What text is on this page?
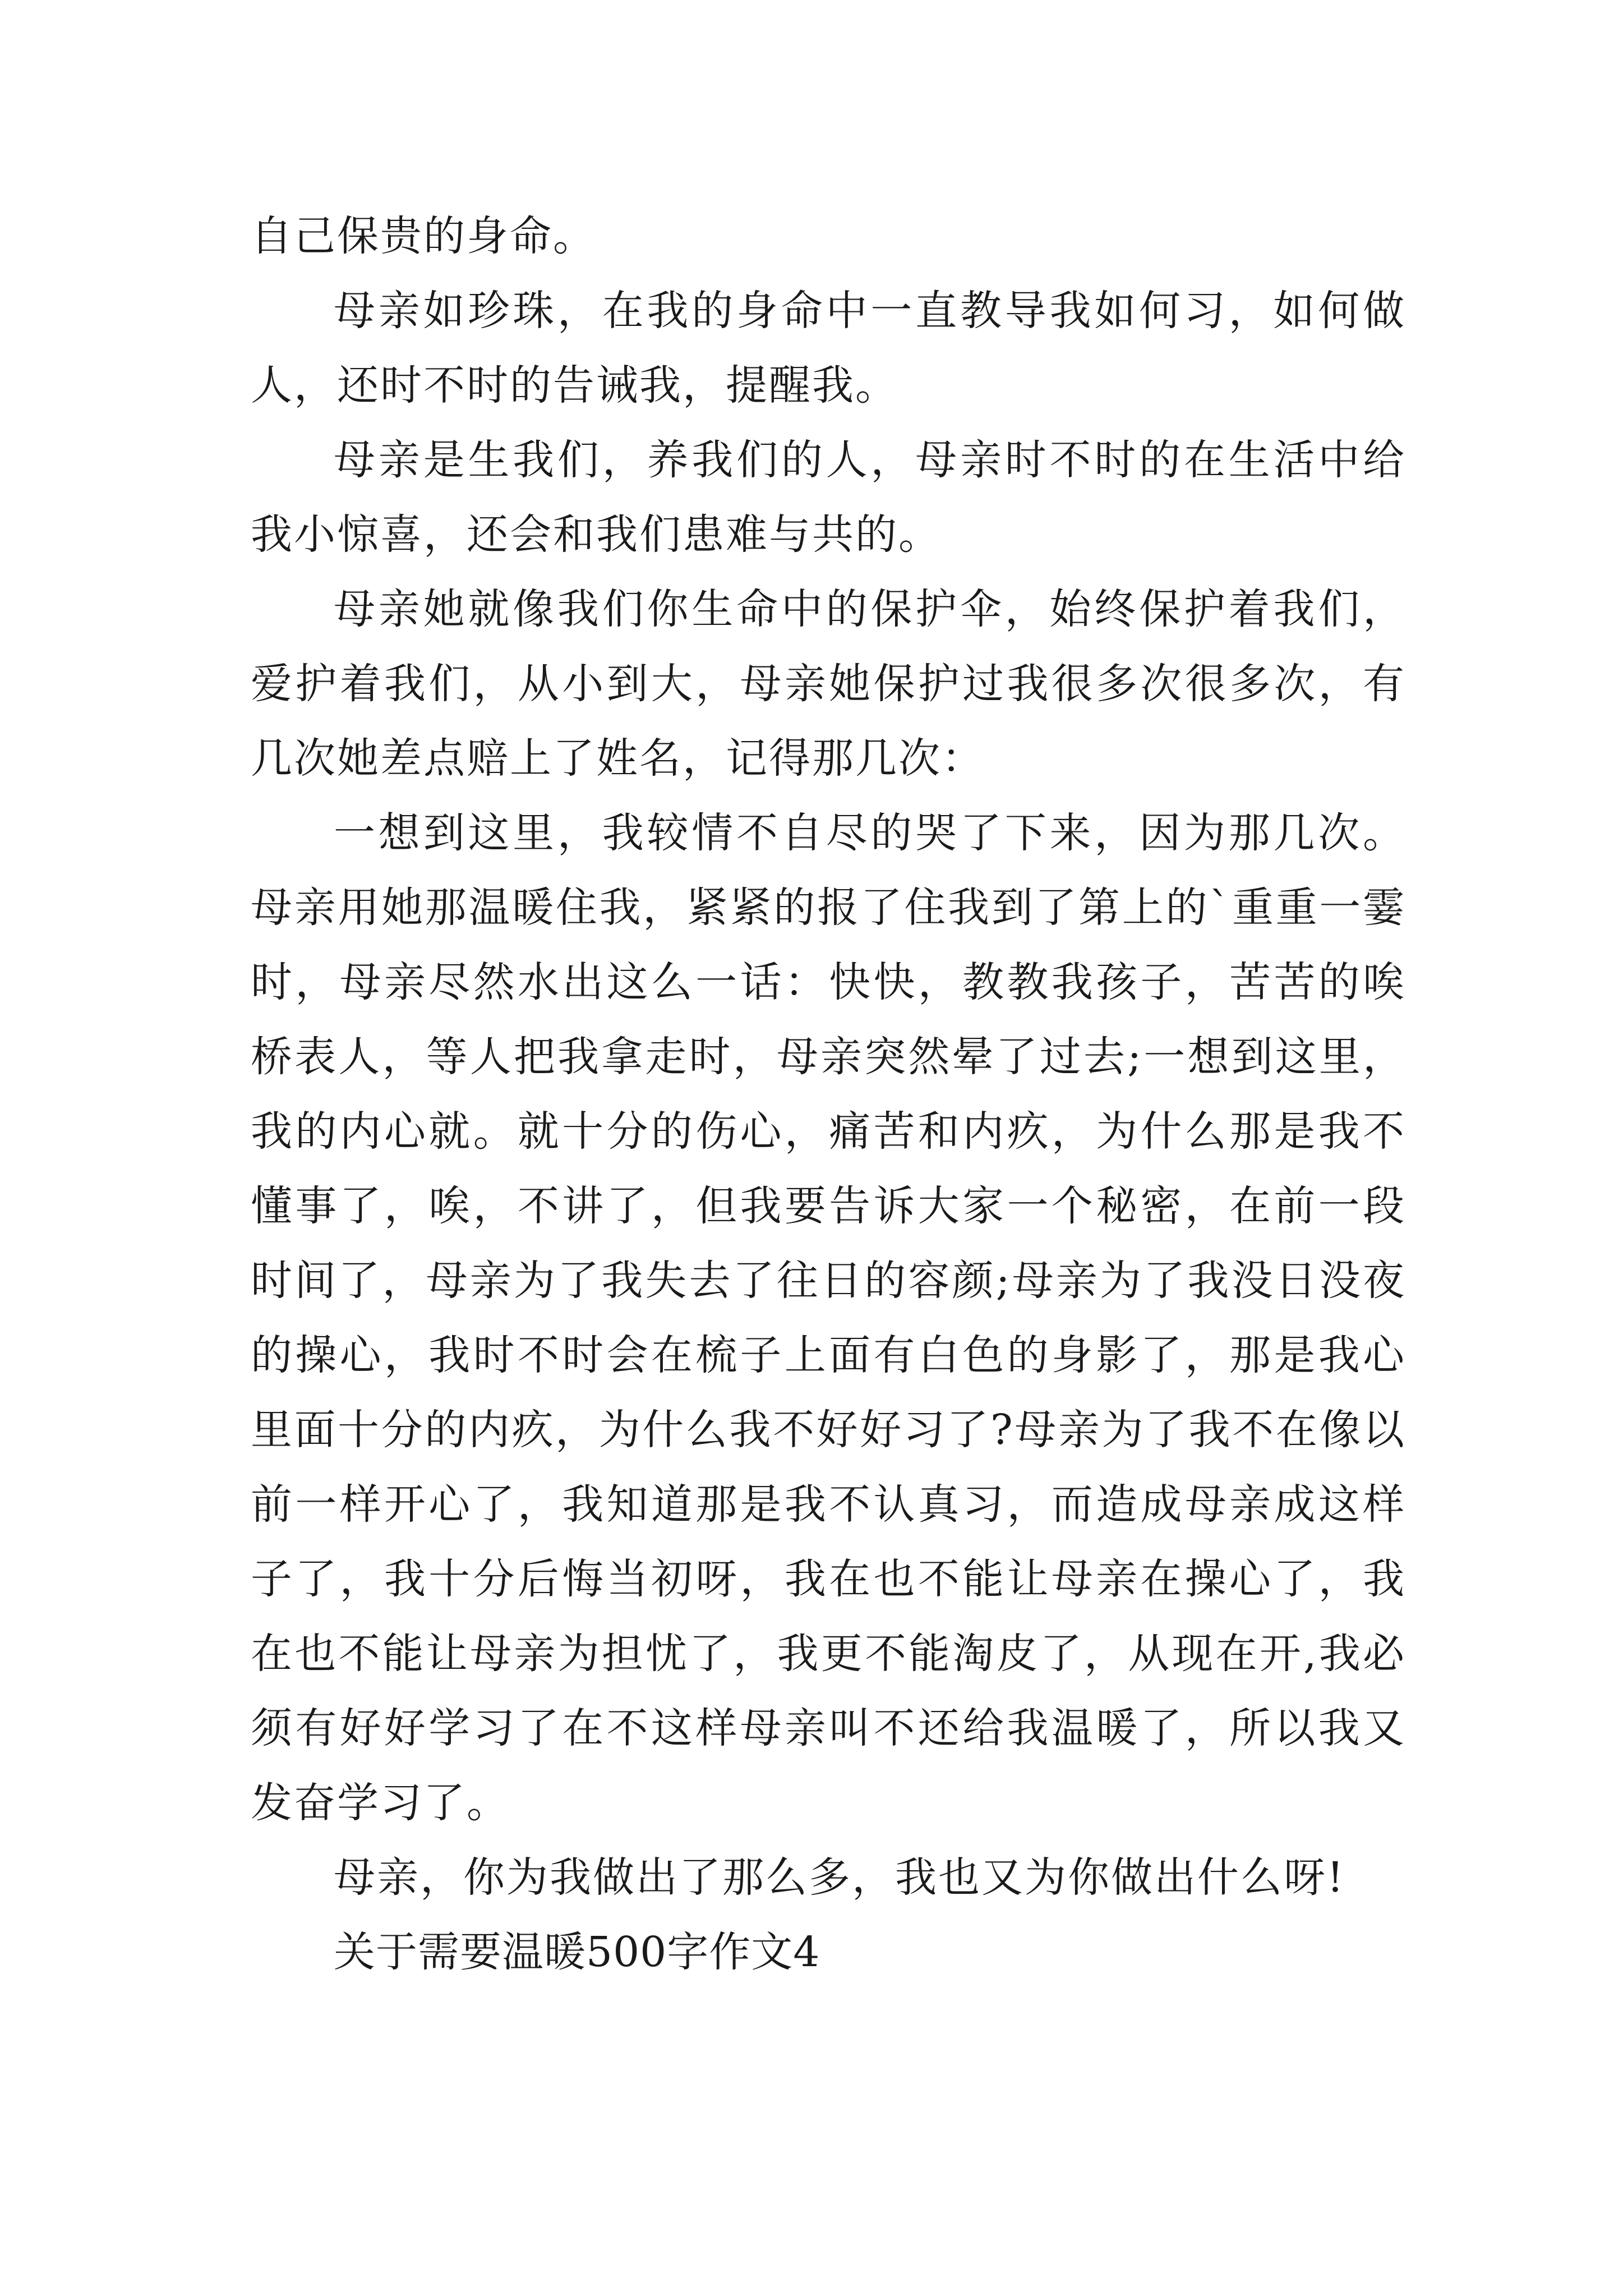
自己保贵的身命。

母亲如珍珠，在我的身命中一直教导我如何习，如何做人，还时不时的告诫我，提醒我。

母亲是生我们，养我们的人，母亲时不时的在生活中给我小惊喜，还会和我们患难与共的。

母亲她就像我们你生命中的保护伞，始终保护着我们，爱护着我们，从小到大，母亲她保护过我很多次很多次，有几次她差点赔上了姓名，记得那几次：

一想到这里，我较情不自尽的哭了下来，因为那几次。母亲用她那温暖住我，紧紧的报了住我到了第上的`重重一霎时，母亲尽然水出这么一话：快快，教教我孩子，苦苦的唉桥表人，等人把我拿走时，母亲突然晕了过去;一想到这里，我的内心就。就十分的伤心，痛苦和内疚，为什么那是我不懂事了，唉，不讲了，但我要告诉大家一个秘密，在前一段时间了，母亲为了我失去了往日的容颜;母亲为了我没日没夜的操心，我时不时会在梳子上面有白色的身影了，那是我心里面十分的内疚，为什么我不好好习了?母亲为了我不在像以前一样开心了，我知道那是我不认真习，而造成母亲成这样子了，我十分后悔当初呀，我在也不能让母亲在操心了，我在也不能让母亲为担忧了，我更不能淘皮了，从现在开,我必须有好好学习了在不这样母亲叫不还给我温暖了，所以我又发奋学习了。

母亲，你为我做出了那么多，我也又为你做出什么呀!

关于需要温暖500字作文4
